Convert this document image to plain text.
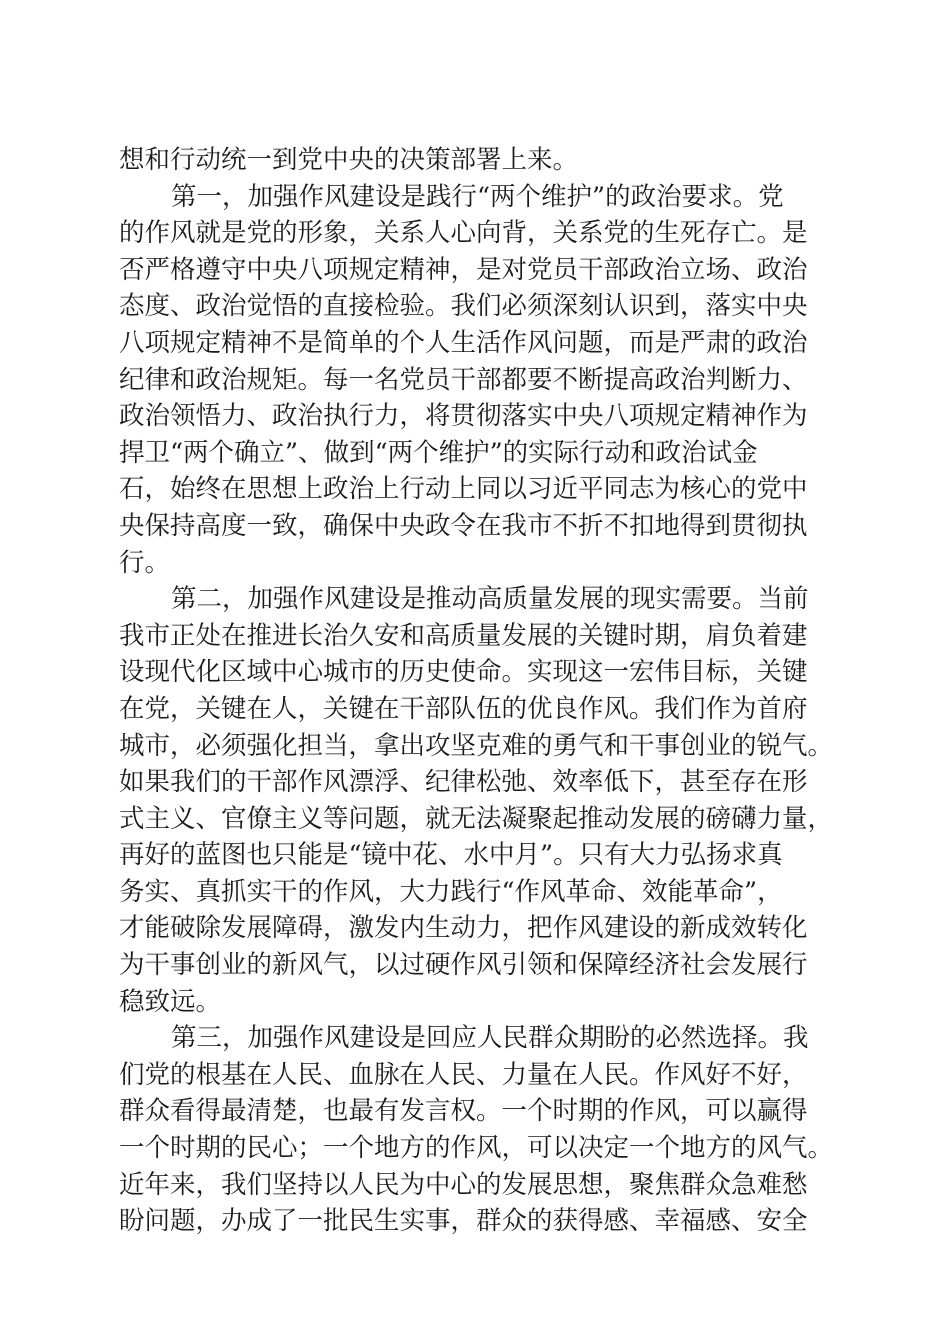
想和行动统一到党中央的决策部署上来。
第一，加强作风建设是践行“两个维护”的政治要求。党
的作风就是党的形象，关系人心向背，关系党的生死存亡。是
否严格遵守中央八项规定精神，是对党员干部政治立场、政治
态度、政治觉悟的直接检验。我们必须深刻认识到，落实中央
八项规定精神不是简单的个人生活作风问题，而是严肃的政治
纪律和政治规矩。每一名党员干部都要不断提高政治判断力、
政治领悟力、政治执行力，将贯彻落实中央八项规定精神作为
捍卫“两个确立”、做到“两个维护”的实际行动和政治试金
石，始终在思想上政治上行动上同以习近平同志为核心的党中
央保持高度一致，确保中央政令在我市不折不扣地得到贯彻执
行。
第二，加强作风建设是推动高质量发展的现实需要。当前
我市正处在推进长治久安和高质量发展的关键时期，肩负着建
设现代化区域中心城市的历史使命。实现这一宏伟目标，关键
在党，关键在人，关键在干部队伍的优良作风。我们作为首府
城市，必须强化担当，拿出攻坚克难的勇气和干事创业的锐气。
如果我们的干部作风漂浮、纪律松弛、效率低下，甚至存在形
式主义、官僚主义等问题，就无法凝聚起推动发展的磅礴力量，
再好的蓝图也只能是“镜中花、水中月”。只有大力弘扬求真
务实、真抓实干的作风，大力践行“作风革命、效能革命”，
才能破除发展障碍，激发内生动力，把作风建设的新成效转化
为干事创业的新风气，以过硬作风引领和保障经济社会发展行
稳致远。
第三，加强作风建设是回应人民群众期盼的必然选择。我
们党的根基在人民、血脉在人民、力量在人民。作风好不好，
群众看得最清楚，也最有发言权。一个时期的作风，可以赢得
一个时期的民心；一个地方的作风，可以决定一个地方的风气。
近年来，我们坚持以人民为中心的发展思想，聚焦群众急难愁
盼问题，办成了一批民生实事，群众的获得感、幸福感、安全
